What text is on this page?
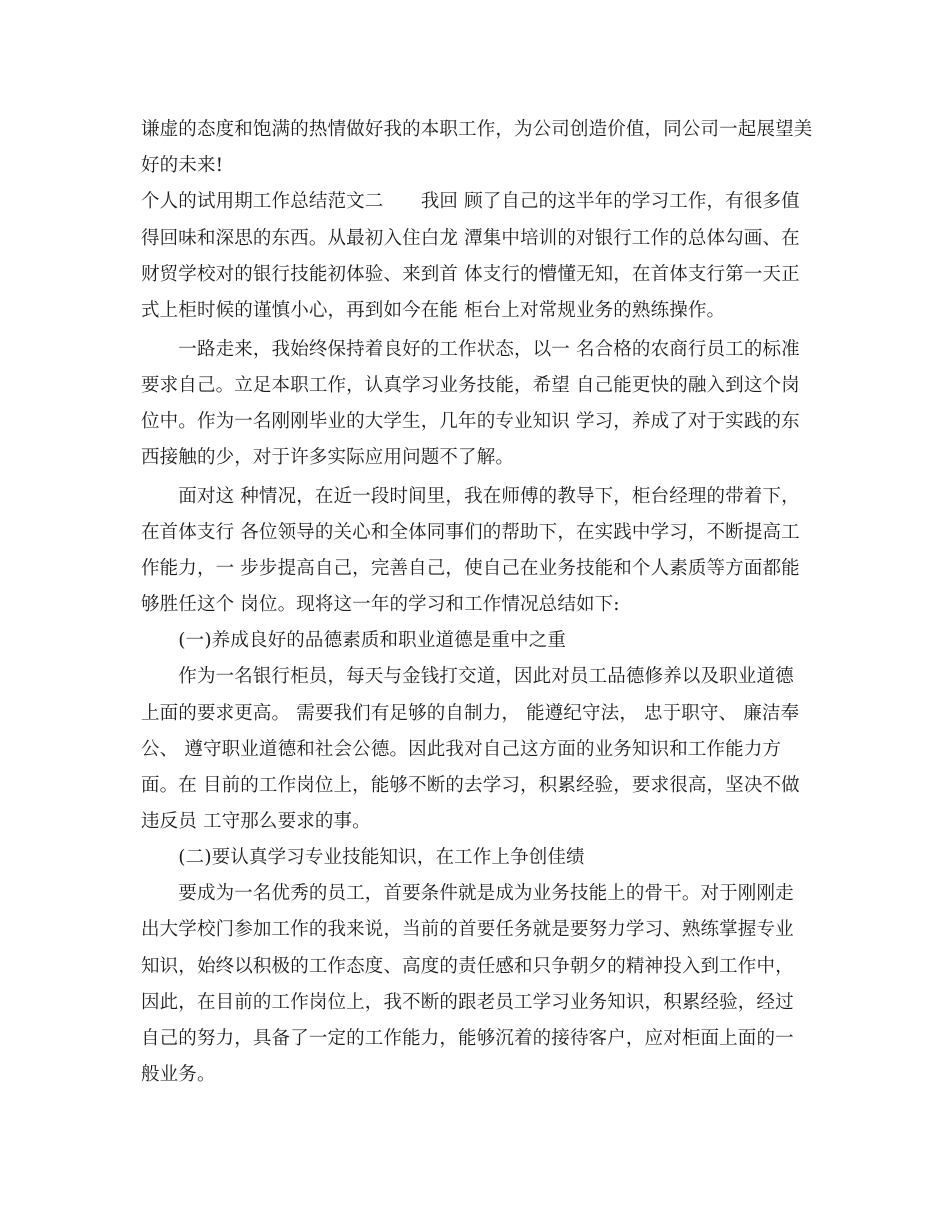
谦虚的态度和饱满的热情做好我的本职工作，为公司创造价值，同公司一起展望美
好的未来!
个人的试用期工作总结范文二　　我回 顾了自己的这半年的学习工作，有很多值
得回味和深思的东西。从最初入住白龙 潭集中培训的对银行工作的总体勾画、在
财贸学校对的银行技能初体验、来到首 体支行的懵懂无知，在首体支行第一天正
式上柜时候的谨慎小心，再到如今在能 柜台上对常规业务的熟练操作。
　　一路走来，我始终保持着良好的工作状态，以一 名合格的农商行员工的标准
要求自己。立足本职工作，认真学习业务技能，希望 自己能更快的融入到这个岗
位中。作为一名刚刚毕业的大学生，几年的专业知识 学习，养成了对于实践的东
西接触的少，对于许多实际应用问题不了解。
　　面对这 种情况，在近一段时间里，我在师傅的教导下，柜台经理的带着下，
在首体支行 各位领导的关心和全体同事们的帮助下，在实践中学习，不断提高工
作能力，一 步步提高自己，完善自己，使自己在业务技能和个人素质等方面都能
够胜任这个 岗位。现将这一年的学习和工作情况总结如下:
　　(一)养成良好的品德素质和职业道德是重中之重
　　作为一名银行柜员，每天与金钱打交道，因此对员工品德修养以及职业道德
上面的要求更高。 需要我们有足够的自制力， 能遵纪守法， 忠于职守、 廉洁奉
公、 遵守职业道德和社会公德。因此我对自己这方面的业务知识和工作能力方
面。在 目前的工作岗位上，能够不断的去学习，积累经验，要求很高，坚决不做
违反员 工守那么要求的事。
　　(二)要认真学习专业技能知识，在工作上争创佳绩
　　要成为一名优秀的员工，首要条件就是成为业务技能上的骨干。对于刚刚走
出大学校门参加工作的我来说，当前的首要任务就是要努力学习、熟练掌握专业
知识，始终以积极的工作态度、高度的责任感和只争朝夕的精神投入到工作中，
因此，在目前的工作岗位上，我不断的跟老员工学习业务知识，积累经验，经过
自己的努力，具备了一定的工作能力，能够沉着的接待客户，应对柜面上面的一
般业务。
